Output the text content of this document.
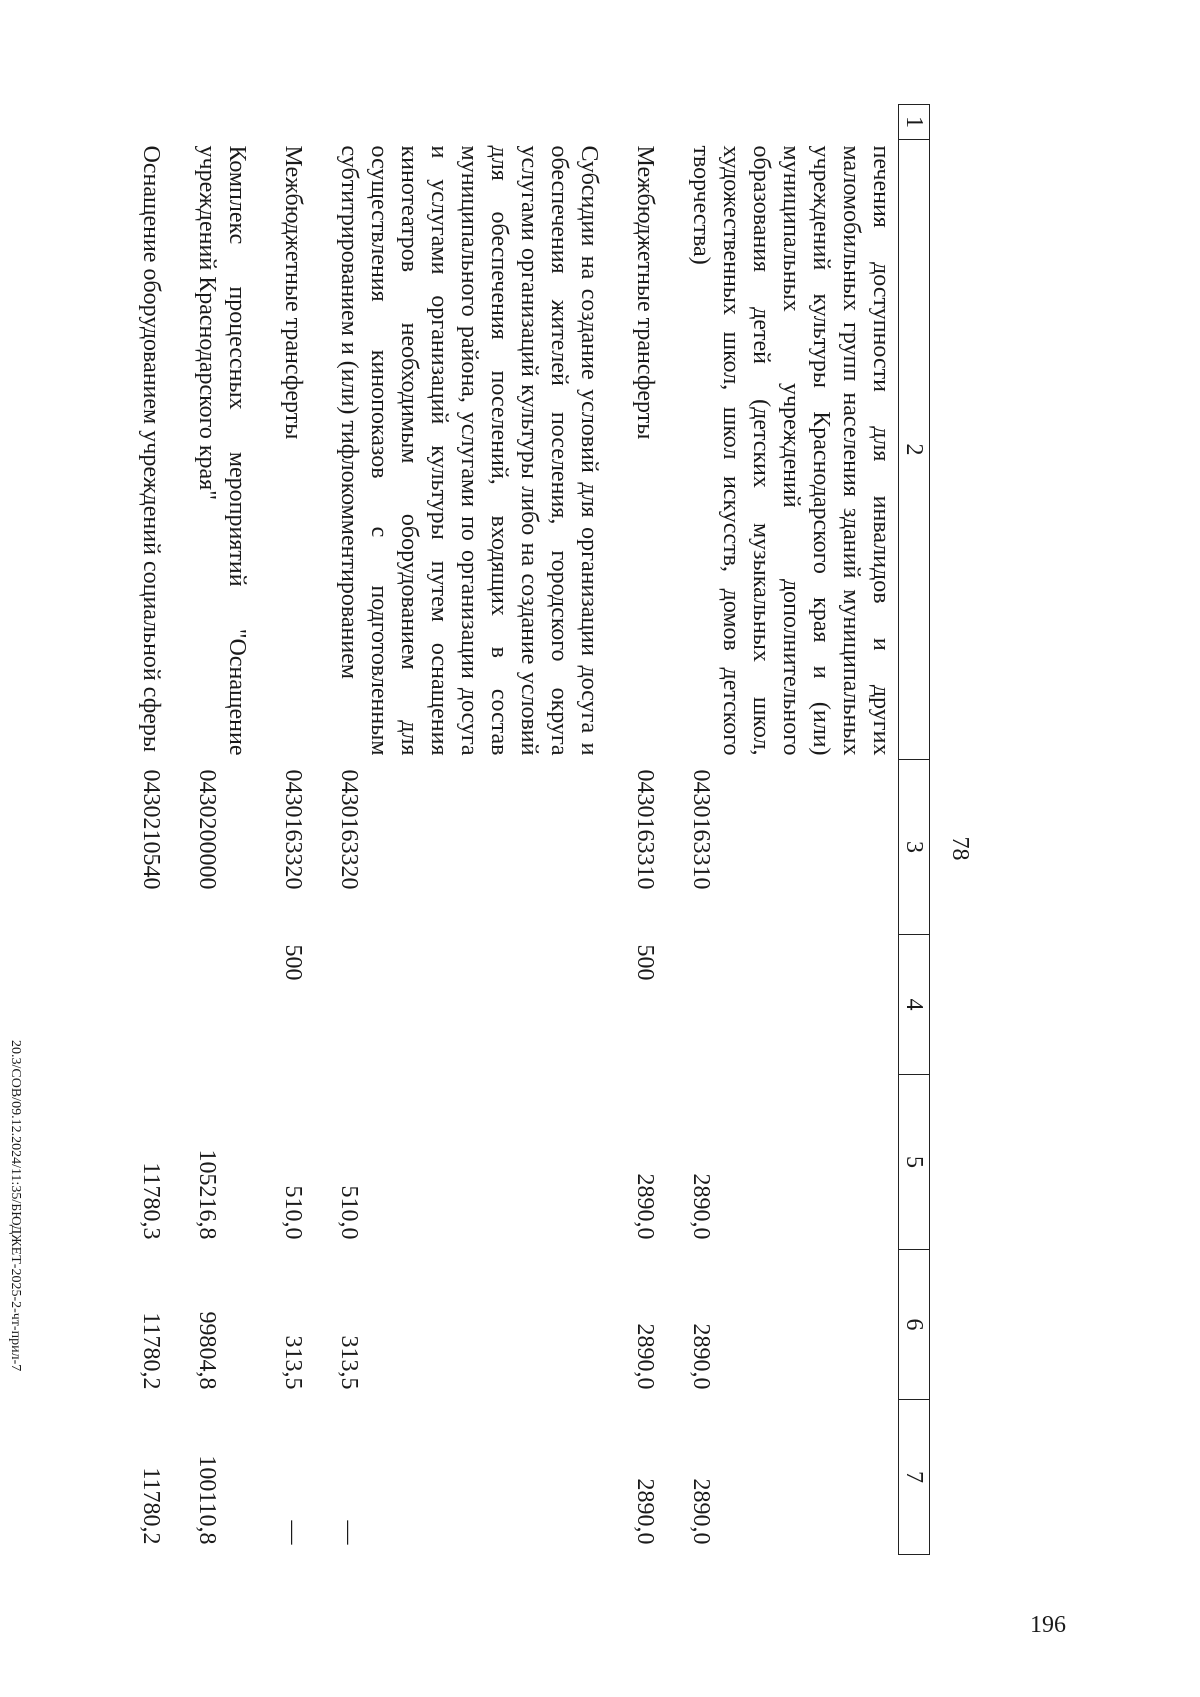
78
1	2	3	4	5	6	7
	печения доступности для инвалидов и других маломобильных групп населения зданий муниципальных учреждений культуры Краснодарского края и (или) муниципальных учреждений дополнительного образования детей (детских музыкальных школ, художественных школ, школ искусств, домов детского творчества)	0430163310		2890,0	2890,0	2890,0
	Межбюджетные трансферты	0430163310	500	2890,0	2890,0	2890,0
	Субсидии на создание условий для организации досуга и обеспечения жителей поселения, городского округа услугами организаций культуры либо на создание условий для обеспечения поселений, входящих в состав муниципального района, услугами по организации досуга и услугами организаций культуры путем оснащения кинотеатров необходимым оборудованием для осуществления кинопоказов с подготовленным субтитрированием и (или) тифлокомментированием	0430163320		510,0	313,5	—
	Межбюджетные трансферты	0430163320	500	510,0	313,5	—
	Комплекс процессных мероприятий "Оснащение учреждений Краснодарского края"	0430200000		105216,8	99804,8	100110,8
	Оснащение оборудованием учреждений социальной сферы	0430210540		11780,3	11780,2	11780,2
20.3/СОВ/09.12.2024/11:35/БЮДЖЕТ-2025-2-чт-прил-7
196
